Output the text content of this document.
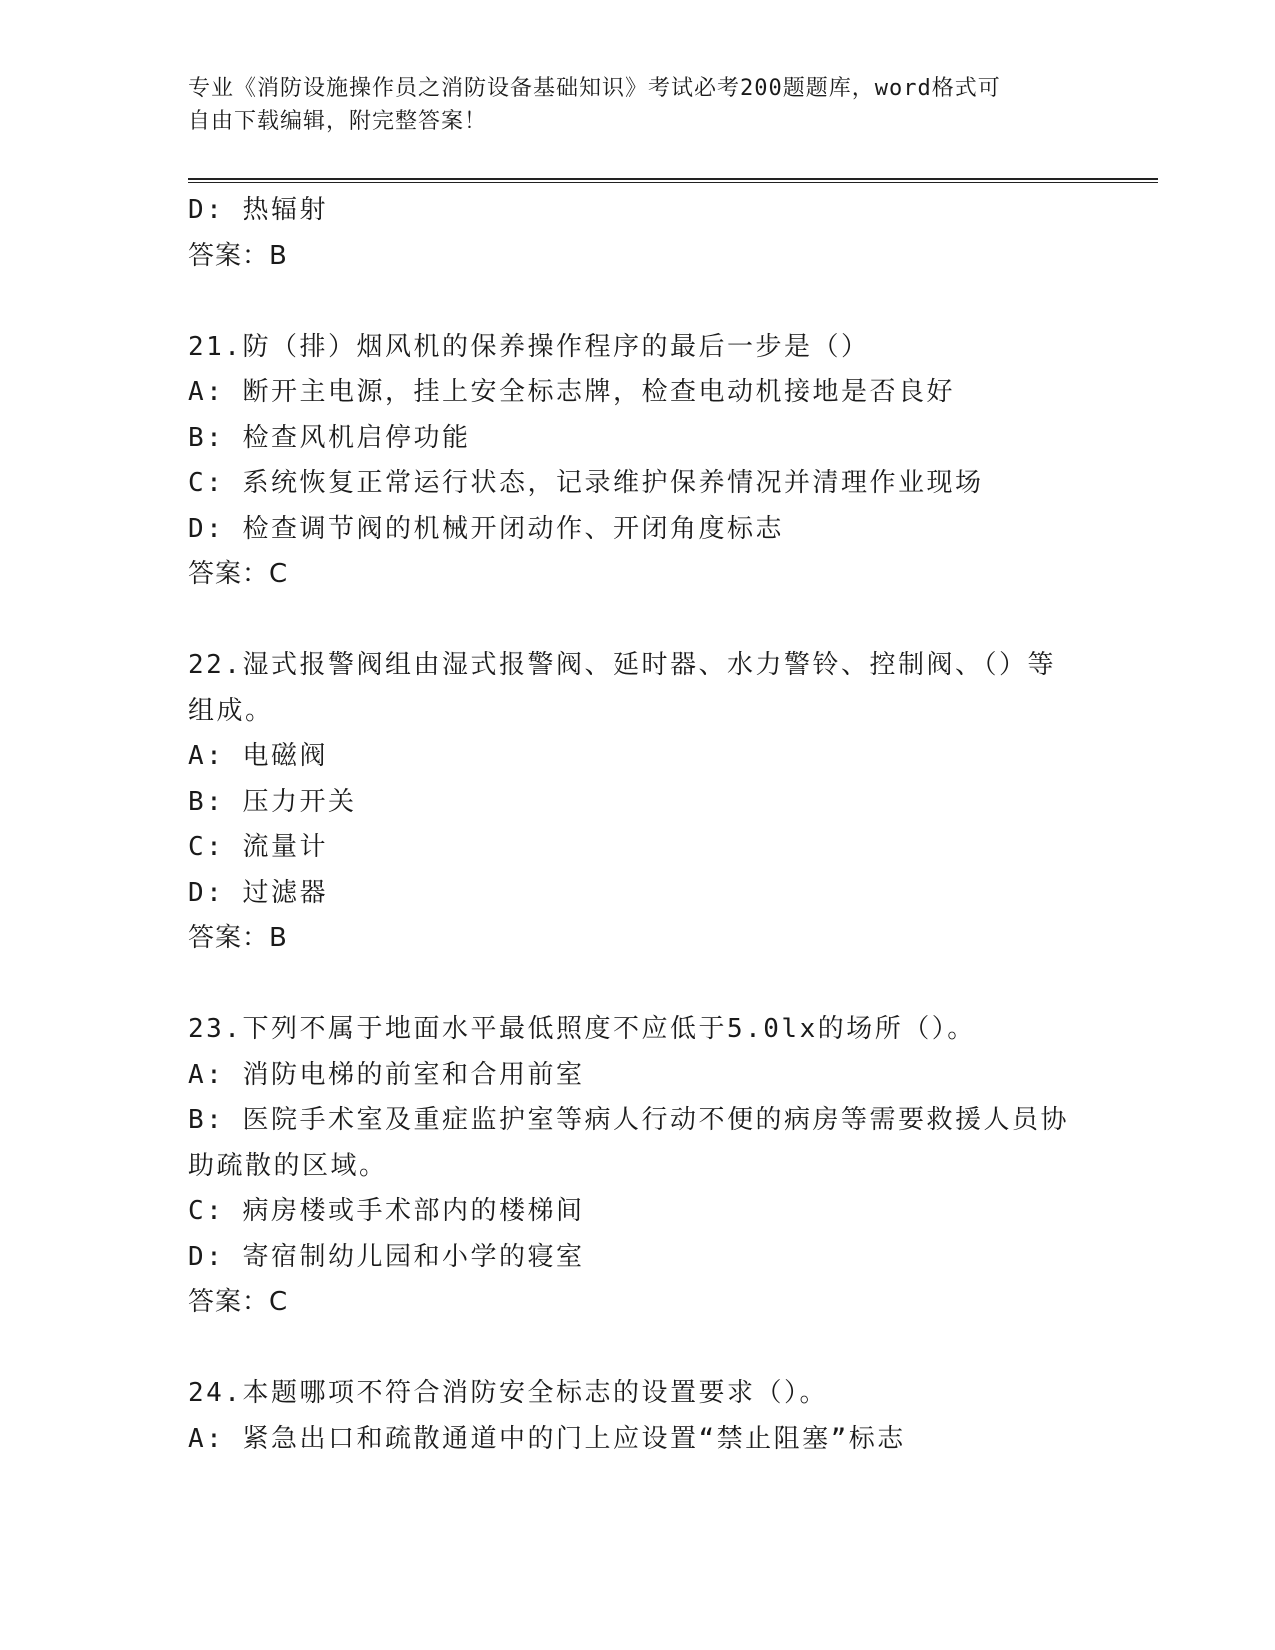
专业《消防设施操作员之消防设备基础知识》考试必考200题题库，word格式可
自由下载编辑，附完整答案！

D: 热辐射

答案：B

21.防（排）烟风机的保养操作程序的最后一步是（）

A: 断开主电源，挂上安全标志牌，检查电动机接地是否良好

B: 检查风机启停功能

C: 系统恢复正常运行状态，记录维护保养情况并清理作业现场

D: 检查调节阀的机械开闭动作、开闭角度标志

答案：C

22.湿式报警阀组由湿式报警阀、延时器、水力警铃、控制阀、（）等

组成。

A: 电磁阀

B: 压力开关

C: 流量计

D: 过滤器

答案：B

23.下列不属于地面水平最低照度不应低于5.0lx的场所（）。

A: 消防电梯的前室和合用前室

B: 医院手术室及重症监护室等病人行动不便的病房等需要救援人员协

助疏散的区域。

C: 病房楼或手术部内的楼梯间

D: 寄宿制幼儿园和小学的寝室

答案：C

24.本题哪项不符合消防安全标志的设置要求（）。

A: 紧急出口和疏散通道中的门上应设置“禁止阻塞”标志
